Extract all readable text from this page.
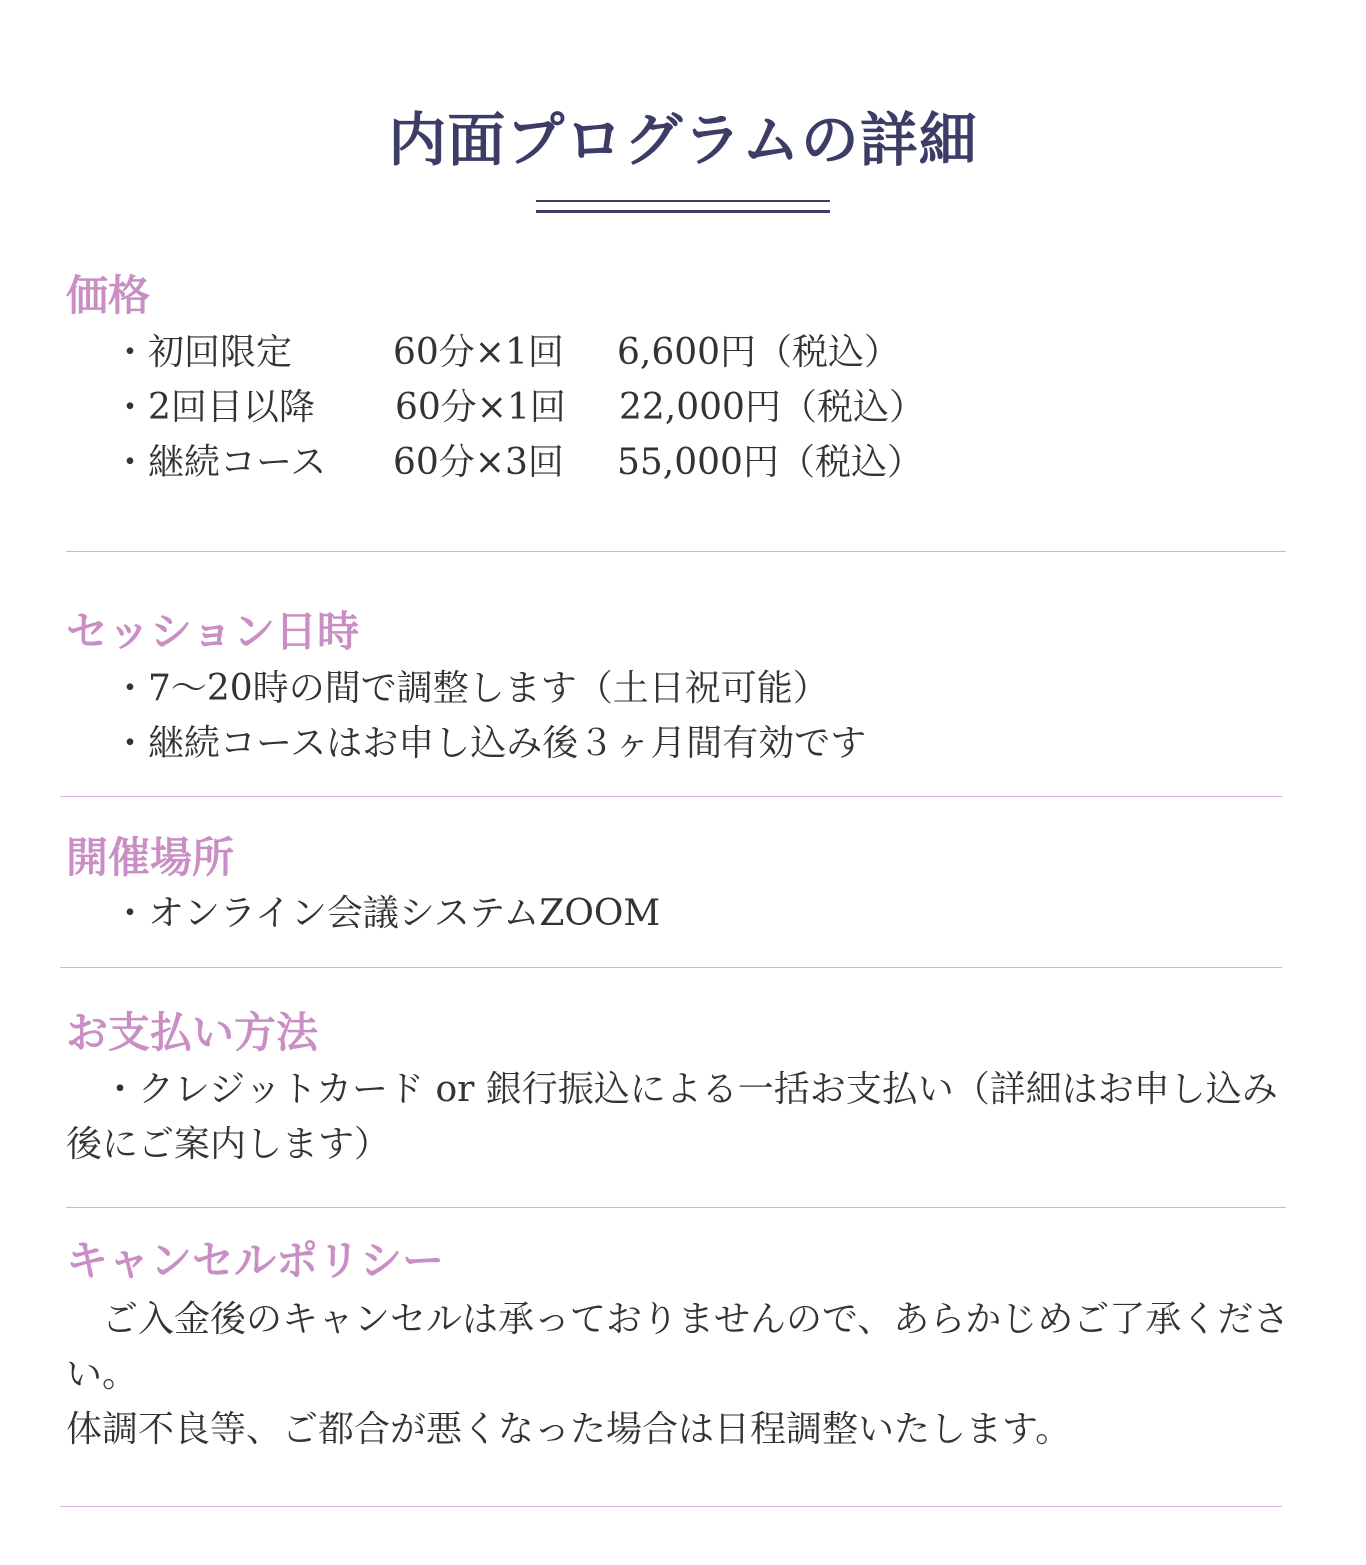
内面プログラムの詳細
価格
・初回限定	60分×1回 6,600円（税込）
・2回目以降 60分×1回 22,000円（税込）
・継続コース 60分×3回 55,000円（税込）
セッション日時
・7～20時の間で調整します（土日祝可能）
・継続コースはお申し込み後３ヶ月間有効です
開催場所
・オンライン会議システムZOOM
お支払い方法

　・クレジットカード or 銀行振込による一括お支払い（詳細はお申し込み後にご案内します）

キャンセルポリシー

　ご入金後のキャンセルは承っておりませんので、あらかじめご了承ください。

体調不良等、ご都合が悪くなった場合は日程調整いたします。
